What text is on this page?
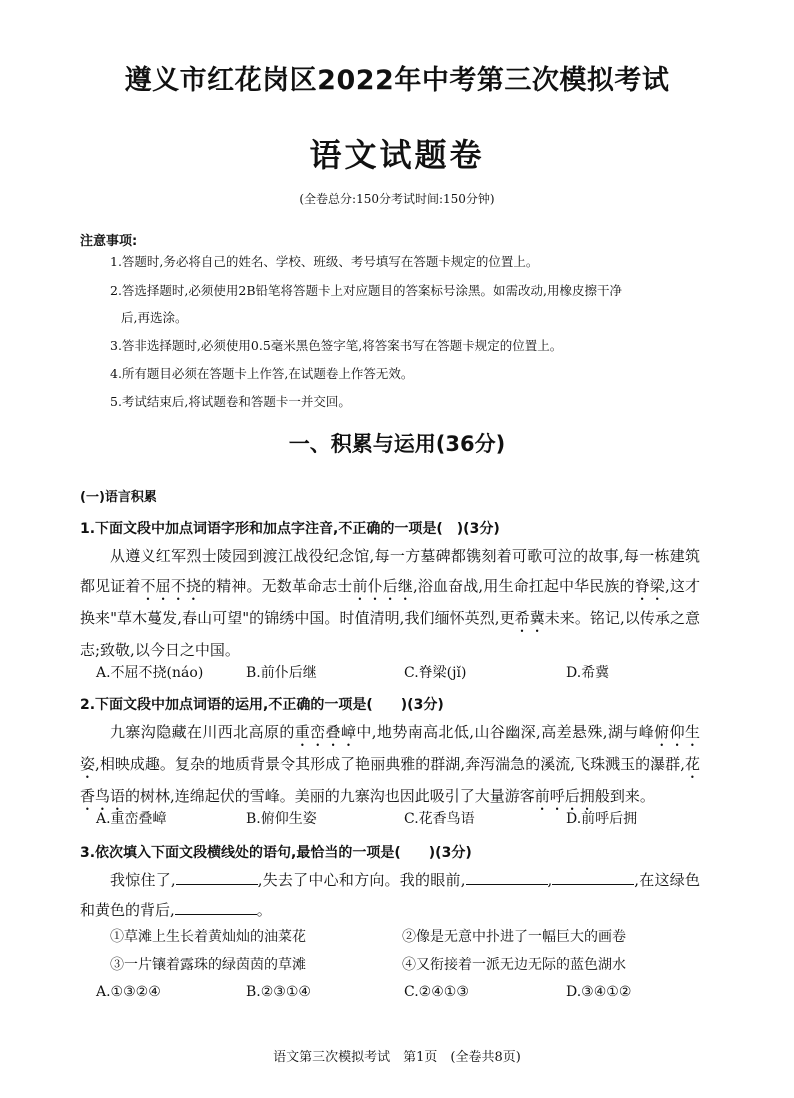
遵义市红花岗区2022年中考第三次模拟考试
语文试题卷
(全卷总分:150分考试时间:150分钟)
注意事项:
1.答题时,务必将自己的姓名、学校、班级、考号填写在答题卡规定的位置上。
2.答选择题时,必须使用2B铅笔将答题卡上对应题目的答案标号涂黑。如需改动,用橡皮擦干净
后,再选涂。
3.答非选择题时,必须使用0.5毫米黑色签字笔,将答案书写在答题卡规定的位置上。
4.所有题目必须在答题卡上作答,在试题卷上作答无效。
5.考试结束后,将试题卷和答题卡一并交回。
一、积累与运用(36分)
(一)语言积累
1.下面文段中加点词语字形和加点字注音,不正确的一项是(　)(3分)
从遵义红军烈士陵园到渡江战役纪念馆,每一方墓碑都镌刻着可歌可泣的故事,每一栋建筑都见证着不屈不挠的精神。无数革命志士前仆后继,浴血奋战,用生命扛起中华民族的脊梁,这才换来"草木蔓发,春山可望"的锦绣中国。时值清明,我们缅怀英烈,更希冀未来。铭记,以传承之意志;致敬,以今日之中国。
A.不屈不挠(náo)	B.前仆后继	C.脊梁(jǐ)	D.希冀
2.下面文段中加点词语的运用,不正确的一项是(　　)(3分)
九寨沟隐藏在川西北高原的重峦叠嶂中,地势南高北低,山谷幽深,高差悬殊,湖与峰俯仰生姿,相映成趣。复杂的地质背景令其形成了艳丽典雅的群湖,奔泻湍急的溪流,飞珠溅玉的瀑群,花香鸟语的树林,连绵起伏的雪峰。美丽的九寨沟也因此吸引了大量游客前呼后拥般到来。
A.重峦叠嶂	B.俯仰生姿	C.花香鸟语	D.前呼后拥
3.依次填入下面文段横线处的语句,最恰当的一项是(　　)(3分)
我惊住了,	,失去了中心和方向。我的眼前,	,	,在这绿色和黄色的背后,	。
①草滩上生长着黄灿灿的油菜花	②像是无意中扑进了一幅巨大的画卷
③一片镶着露珠的绿茵茵的草滩	④又衔接着一派无边无际的蓝色湖水
A.①③②④	B.②③①④	C.②④①③	D.③④①②
语文第三次模拟考试　第1页　(全卷共8页)
